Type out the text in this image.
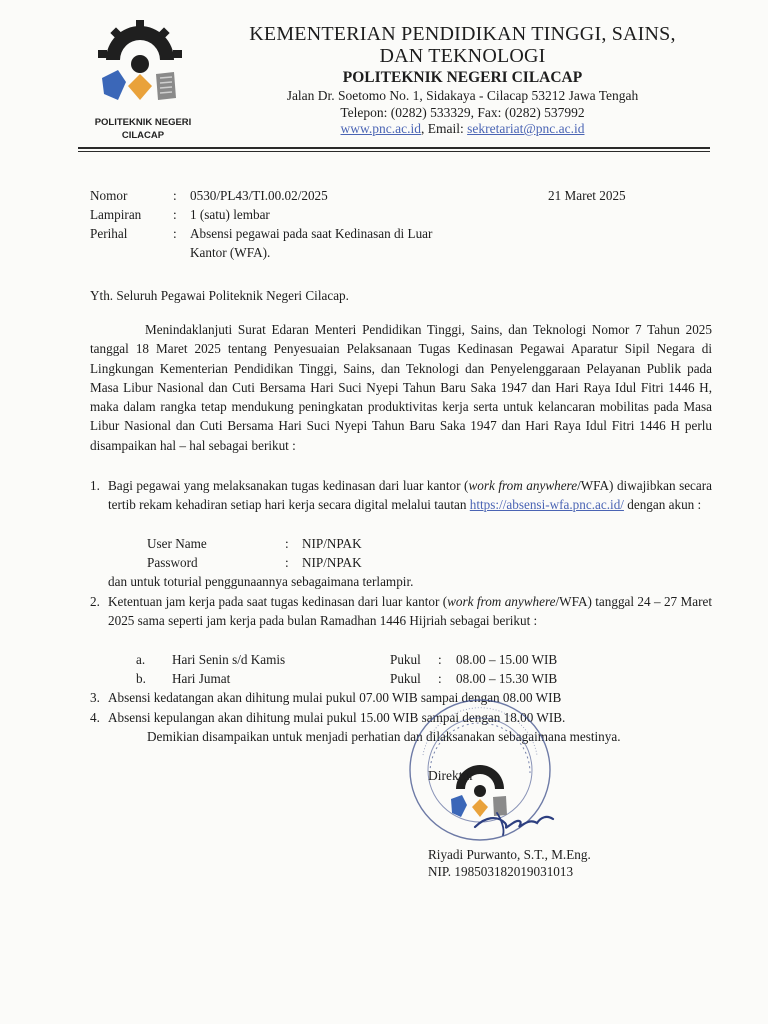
POLITEKNIK NEGERI
CILACAP
KEMENTERIAN PENDIDIKAN TINGGI, SAINS,
DAN TEKNOLOGI
POLITEKNIK NEGERI CILACAP
Jalan Dr. Soetomo No. 1, Sidakaya - Cilacap 53212 Jawa Tengah
Telepon: (0282) 533329, Fax: (0282) 537992
www.pnc.ac.id, Email: sekretariat@pnc.ac.id
Nomor	: 0530/PL43/TI.00.02/2025	21 Maret 2025
Lampiran : 1 (satu) lembar
Perihal	: Absensi pegawai pada saat Kedinasan di Luar
Kantor (WFA).
Yth. Seluruh Pegawai Politeknik Negeri Cilacap.
Menindaklanjuti Surat Edaran Menteri Pendidikan Tinggi, Sains, dan Teknologi Nomor 7 Tahun 2025 tanggal 18 Maret 2025 tentang Penyesuaian Pelaksanaan Tugas Kedinasan Pegawai Aparatur Sipil Negara di Lingkungan Kementerian Pendidikan Tinggi, Sains, dan Teknologi dan Penyelenggaraan Pelayanan Publik pada Masa Libur Nasional dan Cuti Bersama Hari Suci Nyepi Tahun Baru Saka 1947 dan Hari Raya Idul Fitri 1446 H, maka dalam rangka tetap mendukung peningkatan produktivitas kerja serta untuk kelancaran mobilitas pada Masa Libur Nasional dan Cuti Bersama Hari Suci Nyepi Tahun Baru Saka 1947 dan Hari Raya Idul Fitri 1446 H perlu disampaikan hal – hal sebagai berikut :
1. Bagi pegawai yang melaksanakan tugas kedinasan dari luar kantor (work from anywhere/WFA) diwajibkan secara tertib rekam kehadiran setiap hari kerja secara digital melalui tautan https://absensi-wfa.pnc.ac.id/ dengan akun :
User Name	: NIP/NPAK
Password	: NIP/NPAK
dan untuk toturial penggunaannya sebagaimana terlampir.
2. Ketentuan jam kerja pada saat tugas kedinasan dari luar kantor (work from anywhere/WFA) tanggal 24 – 27 Maret 2025 sama seperti jam kerja pada bulan Ramadhan 1446 Hijriah sebagai berikut :
a. Hari Senin s/d Kamis	Pukul : 08.00 – 15.00 WIB
b. Hari Jumat	Pukul : 08.00 – 15.30 WIB
3. Absensi kedatangan akan dihitung mulai pukul 07.00 WIB sampai dengan 08.00 WIB
4. Absensi kepulangan akan dihitung mulai pukul 15.00 WIB sampai dengan 18.00 WIB.
Demikian disampaikan untuk menjadi perhatian dan dilaksanakan sebagaimana mestinya.
Direktur
Riyadi Purwanto, S.T., M.Eng.
NIP. 198503182019031013
